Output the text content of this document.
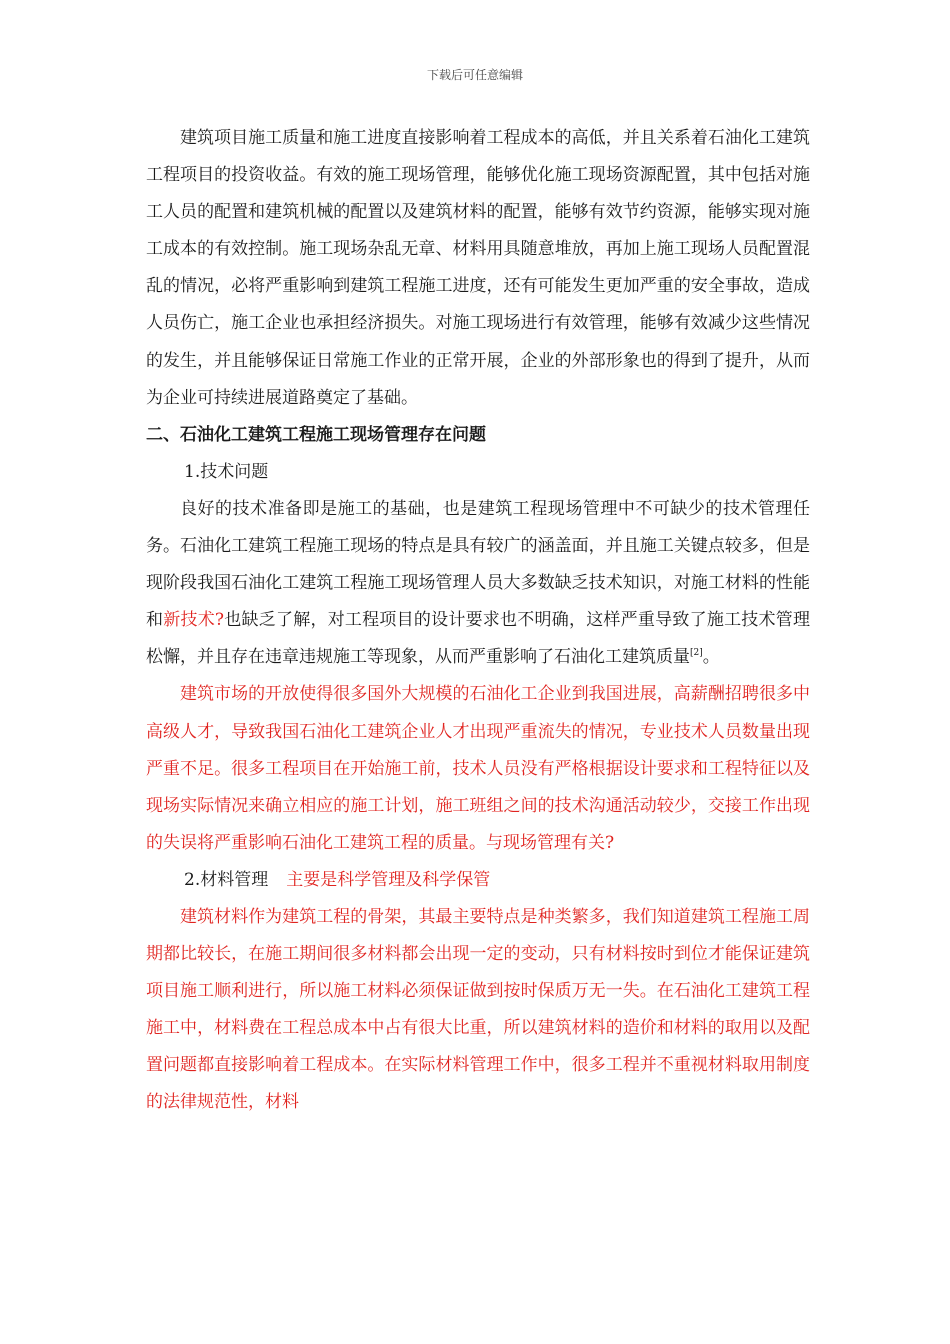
下载后可任意编辑

建筑项目施工质量和施工进度直接影响着工程成本的高低，并且关系着石油化工建筑工程项目的投资收益。有效的施工现场管理，能够优化施工现场资源配置，其中包括对施工人员的配置和建筑机械的配置以及建筑材料的配置，能够有效节约资源，能够实现对施工成本的有效控制。施工现场杂乱无章、材料用具随意堆放，再加上施工现场人员配置混乱的情况，必将严重影响到建筑工程施工进度，还有可能发生更加严重的安全事故，造成人员伤亡，施工企业也承担经济损失。对施工现场进行有效管理，能够有效减少这些情况的发生，并且能够保证日常施工作业的正常开展，企业的外部形象也的得到了提升，从而为企业可持续进展道路奠定了基础。

二、石油化工建筑工程施工现场管理存在问题

1.技术问题

良好的技术准备即是施工的基础，也是建筑工程现场管理中不可缺少的技术管理任务。石油化工建筑工程施工现场的特点是具有较广的涵盖面，并且施工关键点较多，但是现阶段我国石油化工建筑工程施工现场管理人员大多数缺乏技术知识，对施工材料的性能和新技术?也缺乏了解，对工程项目的设计要求也不明确，这样严重导致了施工技术管理松懈，并且存在违章违规施工等现象，从而严重影响了石油化工建筑质量[2]。

建筑市场的开放使得很多国外大规模的石油化工企业到我国进展，高薪酬招聘很多中高级人才，导致我国石油化工建筑企业人才出现严重流失的情况，专业技术人员数量出现严重不足。很多工程项目在开始施工前，技术人员没有严格根据设计要求和工程特征以及现场实际情况来确立相应的施工计划，施工班组之间的技术沟通活动较少，交接工作出现的失误将严重影响石油化工建筑工程的质量。与现场管理有关?

2.材料管理 主要是科学管理及科学保管

建筑材料作为建筑工程的骨架，其最主要特点是种类繁多，我们知道建筑工程施工周期都比较长，在施工期间很多材料都会出现一定的变动，只有材料按时到位才能保证建筑项目施工顺利进行，所以施工材料必须保证做到按时保质万无一失。在石油化工建筑工程施工中，材料费在工程总成本中占有很大比重，所以建筑材料的造价和材料的取用以及配置问题都直接影响着工程成本。在实际材料管理工作中，很多工程并不重视材料取用制度的法律规范性，材料
